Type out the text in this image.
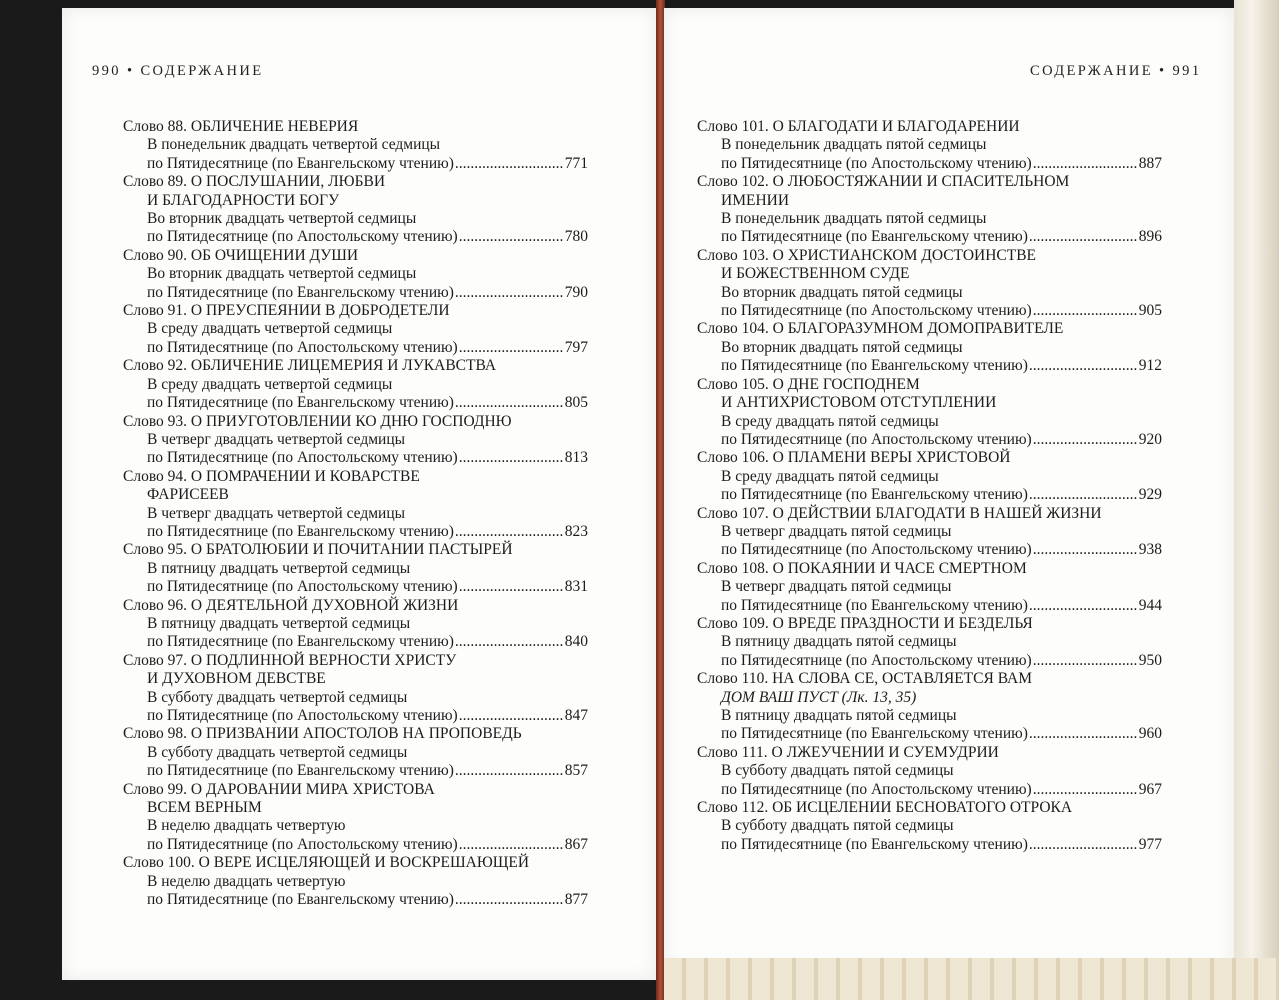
990 • СОДЕРЖАНИЕ	СОДЕРЖАНИЕ • 991
Слово 88. ОБЛИЧЕНИЕ НЕВЕРИЯ
В понедельник двадцать четвертой седмицы
по Пятидесятнице (по Евангельскому чтению) .....	771
Слово 89. О ПОСЛУШАНИИ, ЛЮБВИ
И БЛАГОДАРНОСТИ БОГУ
Во вторник двадцать четвертой седмицы
по Пятидесятнице (по Апостольскому чтению) .....	780
Слово 90. ОБ ОЧИЩЕНИИ ДУШИ
Во вторник двадцать четвертой седмицы
по Пятидесятнице (по Евангельскому чтению) .....	790
Слово 91. О ПРЕУСПЕЯНИИ В ДОБРОДЕТЕЛИ
В среду двадцать четвертой седмицы
по Пятидесятнице (по Апостольскому чтению) .....	797
Слово 92. ОБЛИЧЕНИЕ ЛИЦЕМЕРИЯ И ЛУКАВСТВА
В среду двадцать четвертой седмицы
по Пятидесятнице (по Евангельскому чтению) .....	805
Слово 93. О ПРИУГОТОВЛЕНИИ КО ДНЮ ГОСПОДНЮ
В четверг двадцать четвертой седмицы
по Пятидесятнице (по Апостольскому чтению) .....	813
Слово 94. О ПОМРАЧЕНИИ И КОВАРСТВЕ
ФАРИСЕЕВ
В четверг двадцать четвертой седмицы
по Пятидесятнице (по Евангельскому чтению) .....	823
Слово 95. О БРАТОЛЮБИИ И ПОЧИТАНИИ ПАСТЫРЕЙ
В пятницу двадцать четвертой седмицы
по Пятидесятнице (по Апостольскому чтению) .....	831
Слово 96. О ДЕЯТЕЛЬНОЙ ДУХОВНОЙ ЖИЗНИ
В пятницу двадцать четвертой седмицы
по Пятидесятнице (по Евангельскому чтению) .....	840
Слово 97. О ПОДЛИННОЙ ВЕРНОСТИ ХРИСТУ
И ДУХОВНОМ ДЕВСТВЕ
В субботу двадцать четвертой седмицы
по Пятидесятнице (по Апостольскому чтению) .....	847
Слово 98. О ПРИЗВАНИИ АПОСТОЛОВ НА ПРОПОВЕДЬ
В субботу двадцать четвертой седмицы
по Пятидесятнице (по Евангельскому чтению) .....	857
Слово 99. О ДАРОВАНИИ МИРА ХРИСТОВА
ВСЕМ ВЕРНЫМ
В неделю двадцать четвертую
по Пятидесятнице (по Апостольскому чтению) .....	867
Слово 100. О ВЕРЕ ИСЦЕЛЯЮЩЕЙ И ВОСКРЕШАЮЩЕЙ
В неделю двадцать четвертую
по Пятидесятнице (по Евангельскому чтению) .....	877
Слово 101. О БЛАГОДАТИ И БЛАГОДАРЕНИИ
В понедельник двадцать пятой седмицы
по Пятидесятнице (по Апостольскому чтению) .....	887
Слово 102. О ЛЮБОСТЯЖАНИИ И СПАСИТЕЛЬНОМ
ИМЕНИИ
В понедельник двадцать пятой седмицы
по Пятидесятнице (по Евангельскому чтению) .....	896
Слово 103. О ХРИСТИАНСКОМ ДОСТОИНСТВЕ
И БОЖЕСТВЕННОМ СУДЕ
Во вторник двадцать пятой седмицы
по Пятидесятнице (по Апостольскому чтению) .....	905
Слово 104. О БЛАГОРАЗУМНОМ ДОМОПРАВИТЕЛЕ
Во вторник двадцать пятой седмицы
по Пятидесятнице (по Евангельскому чтению) .....	912
Слово 105. О ДНЕ ГОСПОДНЕМ
И АНТИХРИСТОВОМ ОТСТУПЛЕНИИ
В среду двадцать пятой седмицы
по Пятидесятнице (по Апостольскому чтению) .....	920
Слово 106. О ПЛАМЕНИ ВЕРЫ ХРИСТОВОЙ
В среду двадцать пятой седмицы
по Пятидесятнице (по Евангельскому чтению) .....	929
Слово 107. О ДЕЙСТВИИ БЛАГОДАТИ В НАШЕЙ ЖИЗНИ
В четверг двадцать пятой седмицы
по Пятидесятнице (по Апостольскому чтению) .....	938
Слово 108. О ПОКАЯНИИ И ЧАСЕ СМЕРТНОМ
В четверг двадцать пятой седмицы
по Пятидесятнице (по Евангельскому чтению) .....	944
Слово 109. О ВРЕДЕ ПРАЗДНОСТИ И БЕЗДЕЛЬЯ
В пятницу двадцать пятой седмицы
по Пятидесятнице (по Апостольскому чтению) .....	950
Слово 110. НА СЛОВА СЕ, ОСТАВЛЯЕТСЯ ВАМ
ДОМ ВАШ ПУСТ (Лк. 13, 35)
В пятницу двадцать пятой седмицы
по Пятидесятнице (по Евангельскому чтению) .....	960
Слово 111. О ЛЖЕУЧЕНИИ И СУЕМУДРИИ
В субботу двадцать пятой седмицы
по Пятидесятнице (по Апостольскому чтению) .....	967
Слово 112. ОБ ИСЦЕЛЕНИИ БЕСНОВАТОГО ОТРОКА
В субботу двадцать пятой седмицы
по Пятидесятнице (по Евангельскому чтению) .....	977
